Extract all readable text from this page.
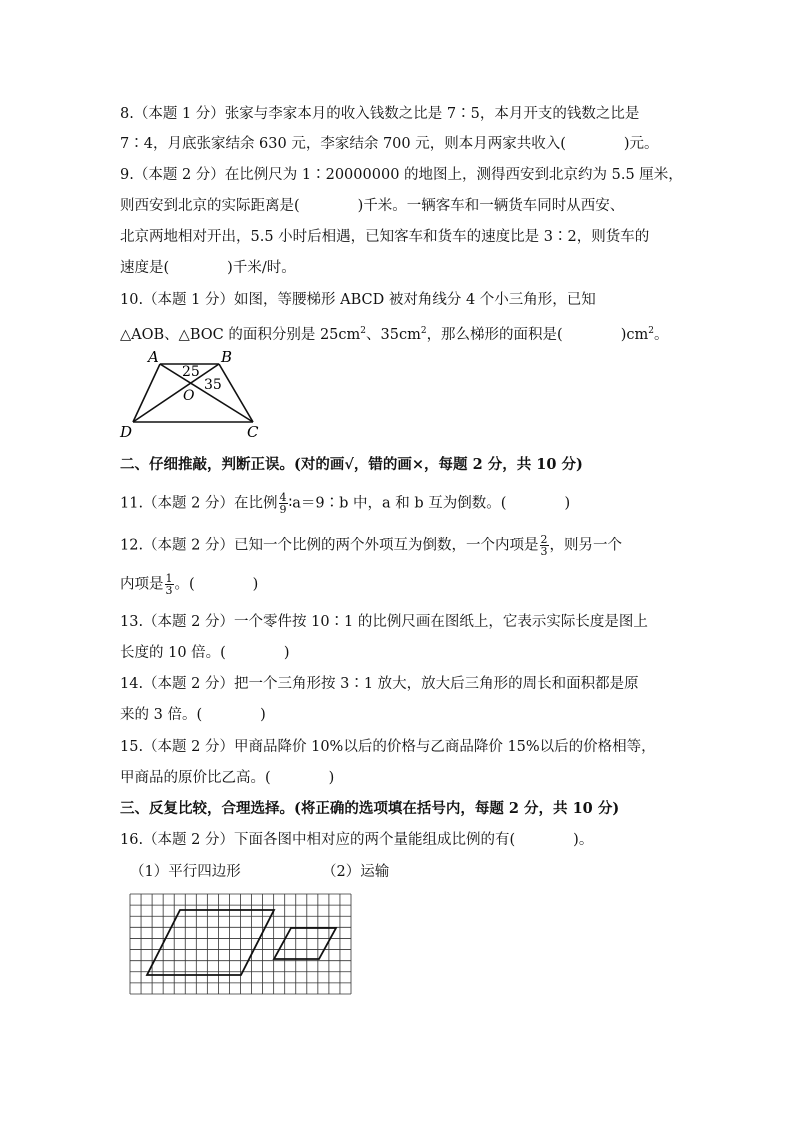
8.（本题 1 分）张家与李家本月的收入钱数之比是 7∶5，本月开支的钱数之比是
7∶4，月底张家结余 630 元，李家结余 700 元，则本月两家共收入(　　　　)元。
9.（本题 2 分）在比例尺为 1∶20000000 的地图上，测得西安到北京约为 5.5 厘米，
则西安到北京的实际距离是(　　　　)千米。一辆客车和一辆货车同时从西安、
北京两地相对开出，5.5 小时后相遇，已知客车和货车的速度比是 3∶2，则货车的
速度是(　　　　)千米/时。
10.（本题 1 分）如图，等腰梯形 ABCD 被对角线分 4 个小三角形，已知
△AOB、△BOC 的面积分别是 $25cm^2$、$35cm^2$，那么梯形的面积是(　　　　)$cm^2$。
A	B
C
D
O
25
35
二、仔细推敲，判断正误。(对的画√，错的画×，每题 2 分，共 10 分)
11.（本题 2 分）在比例 $\frac{4}{9}$ ∶a＝9∶b 中，a 和 b 互为倒数。(　　　　)
12.（本题 2 分）已知一个比例的两个外项互为倒数，一个内项是 $\frac{2}{3}$ ，则另一个
内项是 $\frac{1}{3}$ 。(　　　　)
13.（本题 2 分）一个零件按 10∶1 的比例尺画在图纸上，它表示实际长度是图上
长度的 10 倍。(　　　　)
14.（本题 2 分）把一个三角形按 3∶1 放大，放大后三角形的周长和面积都是原
来的 3 倍。(　　　　)
15.（本题 2 分）甲商品降价 10%以后的价格与乙商品降价 15%以后的价格相等，
甲商品的原价比乙高。(　　　　)
三、反复比较，合理选择。(将正确的选项填在括号内，每题 2 分，共 10 分)
16.（本题 2 分）下面各图中相对应的两个量能组成比例的有(　　　　)。
（1）平行四边形	（2）运输
